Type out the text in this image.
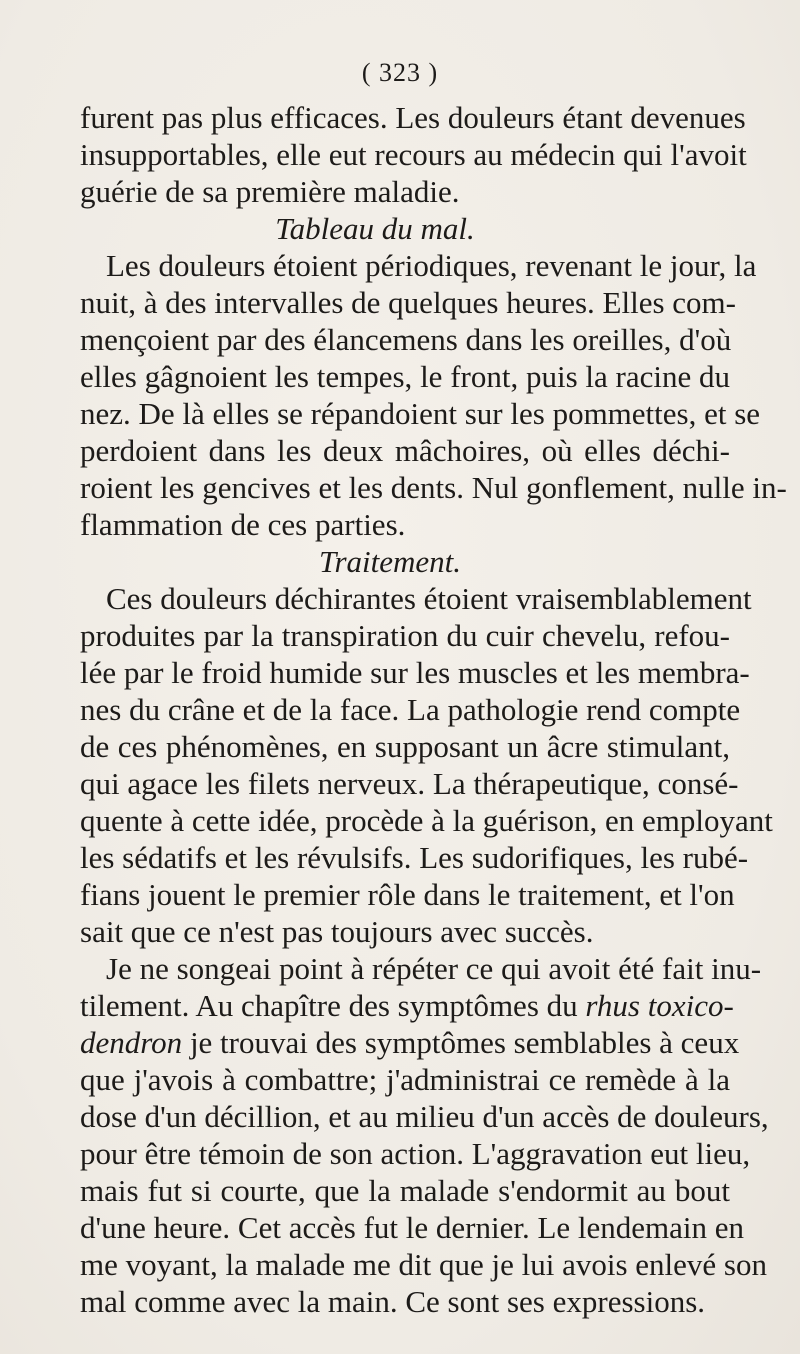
( 323 )
furent pas plus efficaces. Les douleurs étant devenues
insupportables, elle eut recours au médecin qui l'avoit
guérie de sa première maladie.
Tableau du mal.
Les douleurs étoient périodiques, revenant le jour, la
nuit, à des intervalles de quelques heures. Elles com-
mençoient par des élancemens dans les oreilles, d'où
elles gâgnoient les tempes, le front, puis la racine du
nez. De là elles se répandoient sur les pommettes, et se
perdoient dans les deux mâchoires, où elles déchi-
roient les gencives et les dents. Nul gonflement, nulle in-
flammation de ces parties.
Traitement.
Ces douleurs déchirantes étoient vraisemblablement
produites par la transpiration du cuir chevelu, refou-
lée par le froid humide sur les muscles et les membra-
nes du crâne et de la face. La pathologie rend compte
de ces phénomènes, en supposant un âcre stimulant,
qui agace les filets nerveux. La thérapeutique, consé-
quente à cette idée, procède à la guérison, en employant
les sédatifs et les révulsifs. Les sudorifiques, les rubé-
fians jouent le premier rôle dans le traitement, et l'on
sait que ce n'est pas toujours avec succès.
Je ne songeai point à répéter ce qui avoit été fait inu-
tilement. Au chapître des symptômes du rhus toxico-
dendron je trouvai des symptômes semblables à ceux
que j'avois à combattre; j'administrai ce remède à la
dose d'un décillion, et au milieu d'un accès de douleurs,
pour être témoin de son action. L'aggravation eut lieu,
mais fut si courte, que la malade s'endormit au bout
d'une heure. Cet accès fut le dernier. Le lendemain en
me voyant, la malade me dit que je lui avois enlevé son
mal comme avec la main. Ce sont ses expressions.
